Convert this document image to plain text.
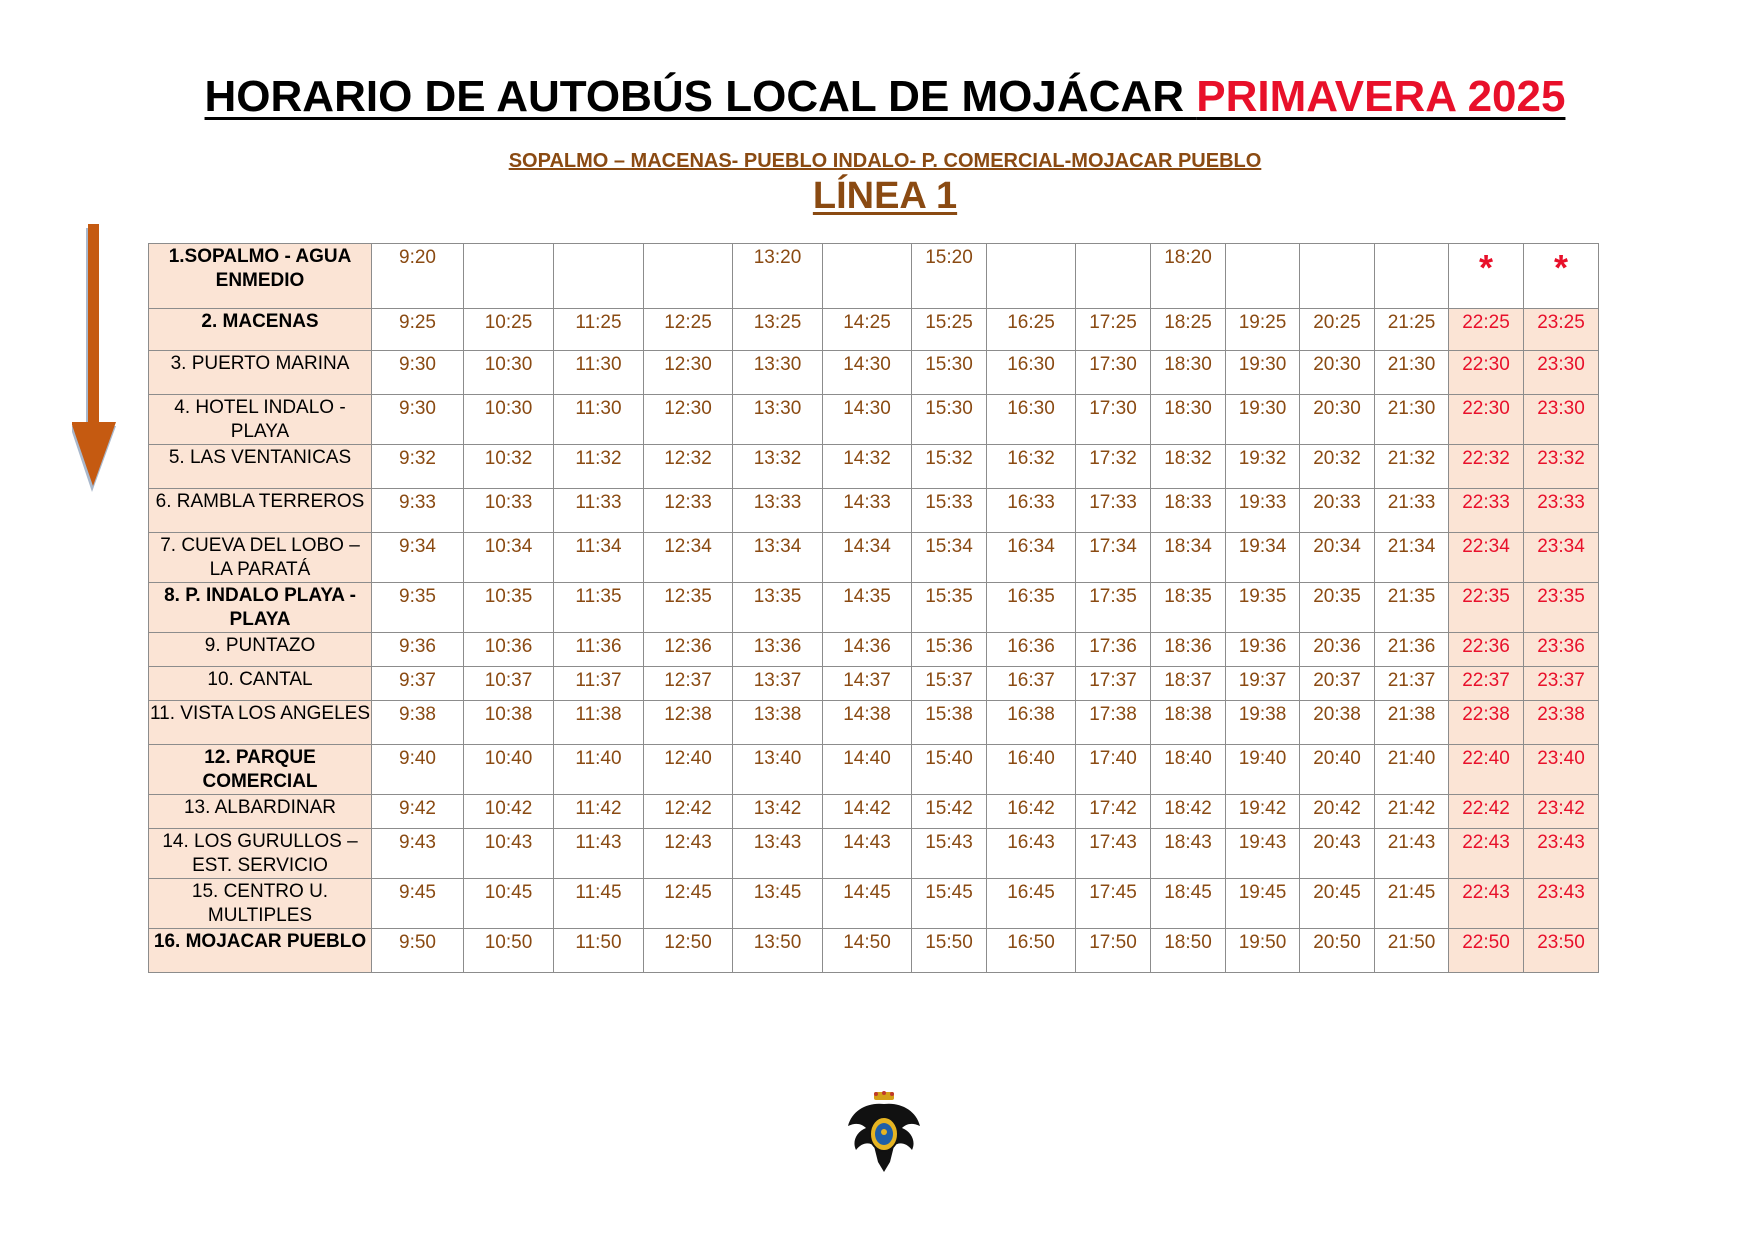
HORARIO DE AUTOBÚS LOCAL DE MOJÁCAR PRIMAVERA 2025
SOPALMO – MACENAS- PUEBLO INDALO- P. COMERCIAL-MOJACAR PUEBLO
LÍNEA 1
1.SOPALMO - AGUA ENMEDIO	9:20				13:20		15:20			18:20				*	*
2. MACENAS	9:25	10:25	11:25	12:25	13:25	14:25	15:25	16:25	17:25	18:25	19:25	20:25	21:25	22:25	23:25
3. PUERTO MARINA	9:30	10:30	11:30	12:30	13:30	14:30	15:30	16:30	17:30	18:30	19:30	20:30	21:30	22:30	23:30
4. HOTEL INDALO - PLAYA	9:30	10:30	11:30	12:30	13:30	14:30	15:30	16:30	17:30	18:30	19:30	20:30	21:30	22:30	23:30
5. LAS VENTANICAS	9:32	10:32	11:32	12:32	13:32	14:32	15:32	16:32	17:32	18:32	19:32	20:32	21:32	22:32	23:32
6. RAMBLA TERREROS	9:33	10:33	11:33	12:33	13:33	14:33	15:33	16:33	17:33	18:33	19:33	20:33	21:33	22:33	23:33
7. CUEVA DEL LOBO – LA PARATÁ	9:34	10:34	11:34	12:34	13:34	14:34	15:34	16:34	17:34	18:34	19:34	20:34	21:34	22:34	23:34
8. P. INDALO PLAYA - PLAYA	9:35	10:35	11:35	12:35	13:35	14:35	15:35	16:35	17:35	18:35	19:35	20:35	21:35	22:35	23:35
9. PUNTAZO	9:36	10:36	11:36	12:36	13:36	14:36	15:36	16:36	17:36	18:36	19:36	20:36	21:36	22:36	23:36
10. CANTAL	9:37	10:37	11:37	12:37	13:37	14:37	15:37	16:37	17:37	18:37	19:37	20:37	21:37	22:37	23:37
11. VISTA LOS ANGELES	9:38	10:38	11:38	12:38	13:38	14:38	15:38	16:38	17:38	18:38	19:38	20:38	21:38	22:38	23:38
12. PARQUE COMERCIAL	9:40	10:40	11:40	12:40	13:40	14:40	15:40	16:40	17:40	18:40	19:40	20:40	21:40	22:40	23:40
13. ALBARDINAR	9:42	10:42	11:42	12:42	13:42	14:42	15:42	16:42	17:42	18:42	19:42	20:42	21:42	22:42	23:42
14. LOS GURULLOS – EST. SERVICIO	9:43	10:43	11:43	12:43	13:43	14:43	15:43	16:43	17:43	18:43	19:43	20:43	21:43	22:43	23:43
15. CENTRO U. MULTIPLES	9:45	10:45	11:45	12:45	13:45	14:45	15:45	16:45	17:45	18:45	19:45	20:45	21:45	22:43	23:43
16. MOJACAR PUEBLO	9:50	10:50	11:50	12:50	13:50	14:50	15:50	16:50	17:50	18:50	19:50	20:50	21:50	22:50	23:50
